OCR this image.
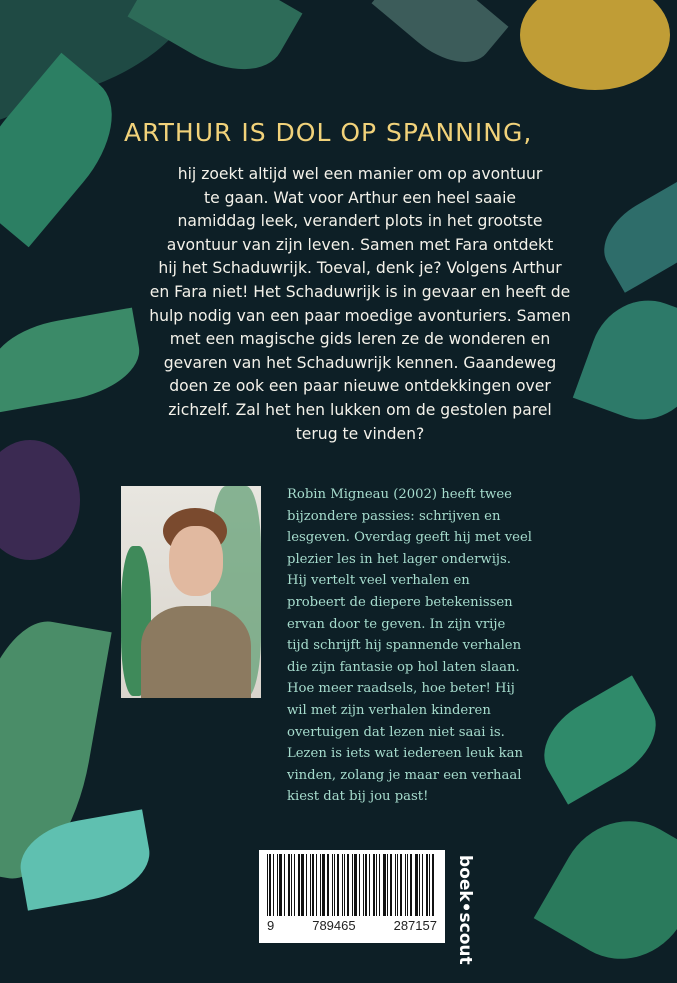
ARTHUR IS DOL OP SPANNING,
hij zoekt altijd wel een manier om op avontuur
te gaan. Wat voor Arthur een heel saaie
namiddag leek, verandert plots in het grootste
avontuur van zijn leven. Samen met Fara ontdekt
hij het Schaduwrijk. Toeval, denk je? Volgens Arthur
en Fara niet! Het Schaduwrijk is in gevaar en heeft de
hulp nodig van een paar moedige avonturiers. Samen
met een magische gids leren ze de wonderen en
gevaren van het Schaduwrijk kennen. Gaandeweg
doen ze ook een paar nieuwe ontdekkingen over
zichzelf. Zal het hen lukken om de gestolen parel
terug te vinden?
Robin Migneau (2002) heeft twee
bijzondere passies: schrijven en
lesgeven. Overdag geeft hij met veel
plezier les in het lager onderwijs.
Hij vertelt veel verhalen en
probeert de diepere betekenissen
ervan door te geven. In zijn vrije
tijd schrijft hij spannende verhalen
die zijn fantasie op hol laten slaan.
Hoe meer raadsels, hoe beter! Hij
wil met zijn verhalen kinderen
overtuigen dat lezen niet saai is.
Lezen is iets wat iedereen leuk kan
vinden, zolang je maar een verhaal
kiest dat bij jou past!
9	789465	287157 boek•scout
